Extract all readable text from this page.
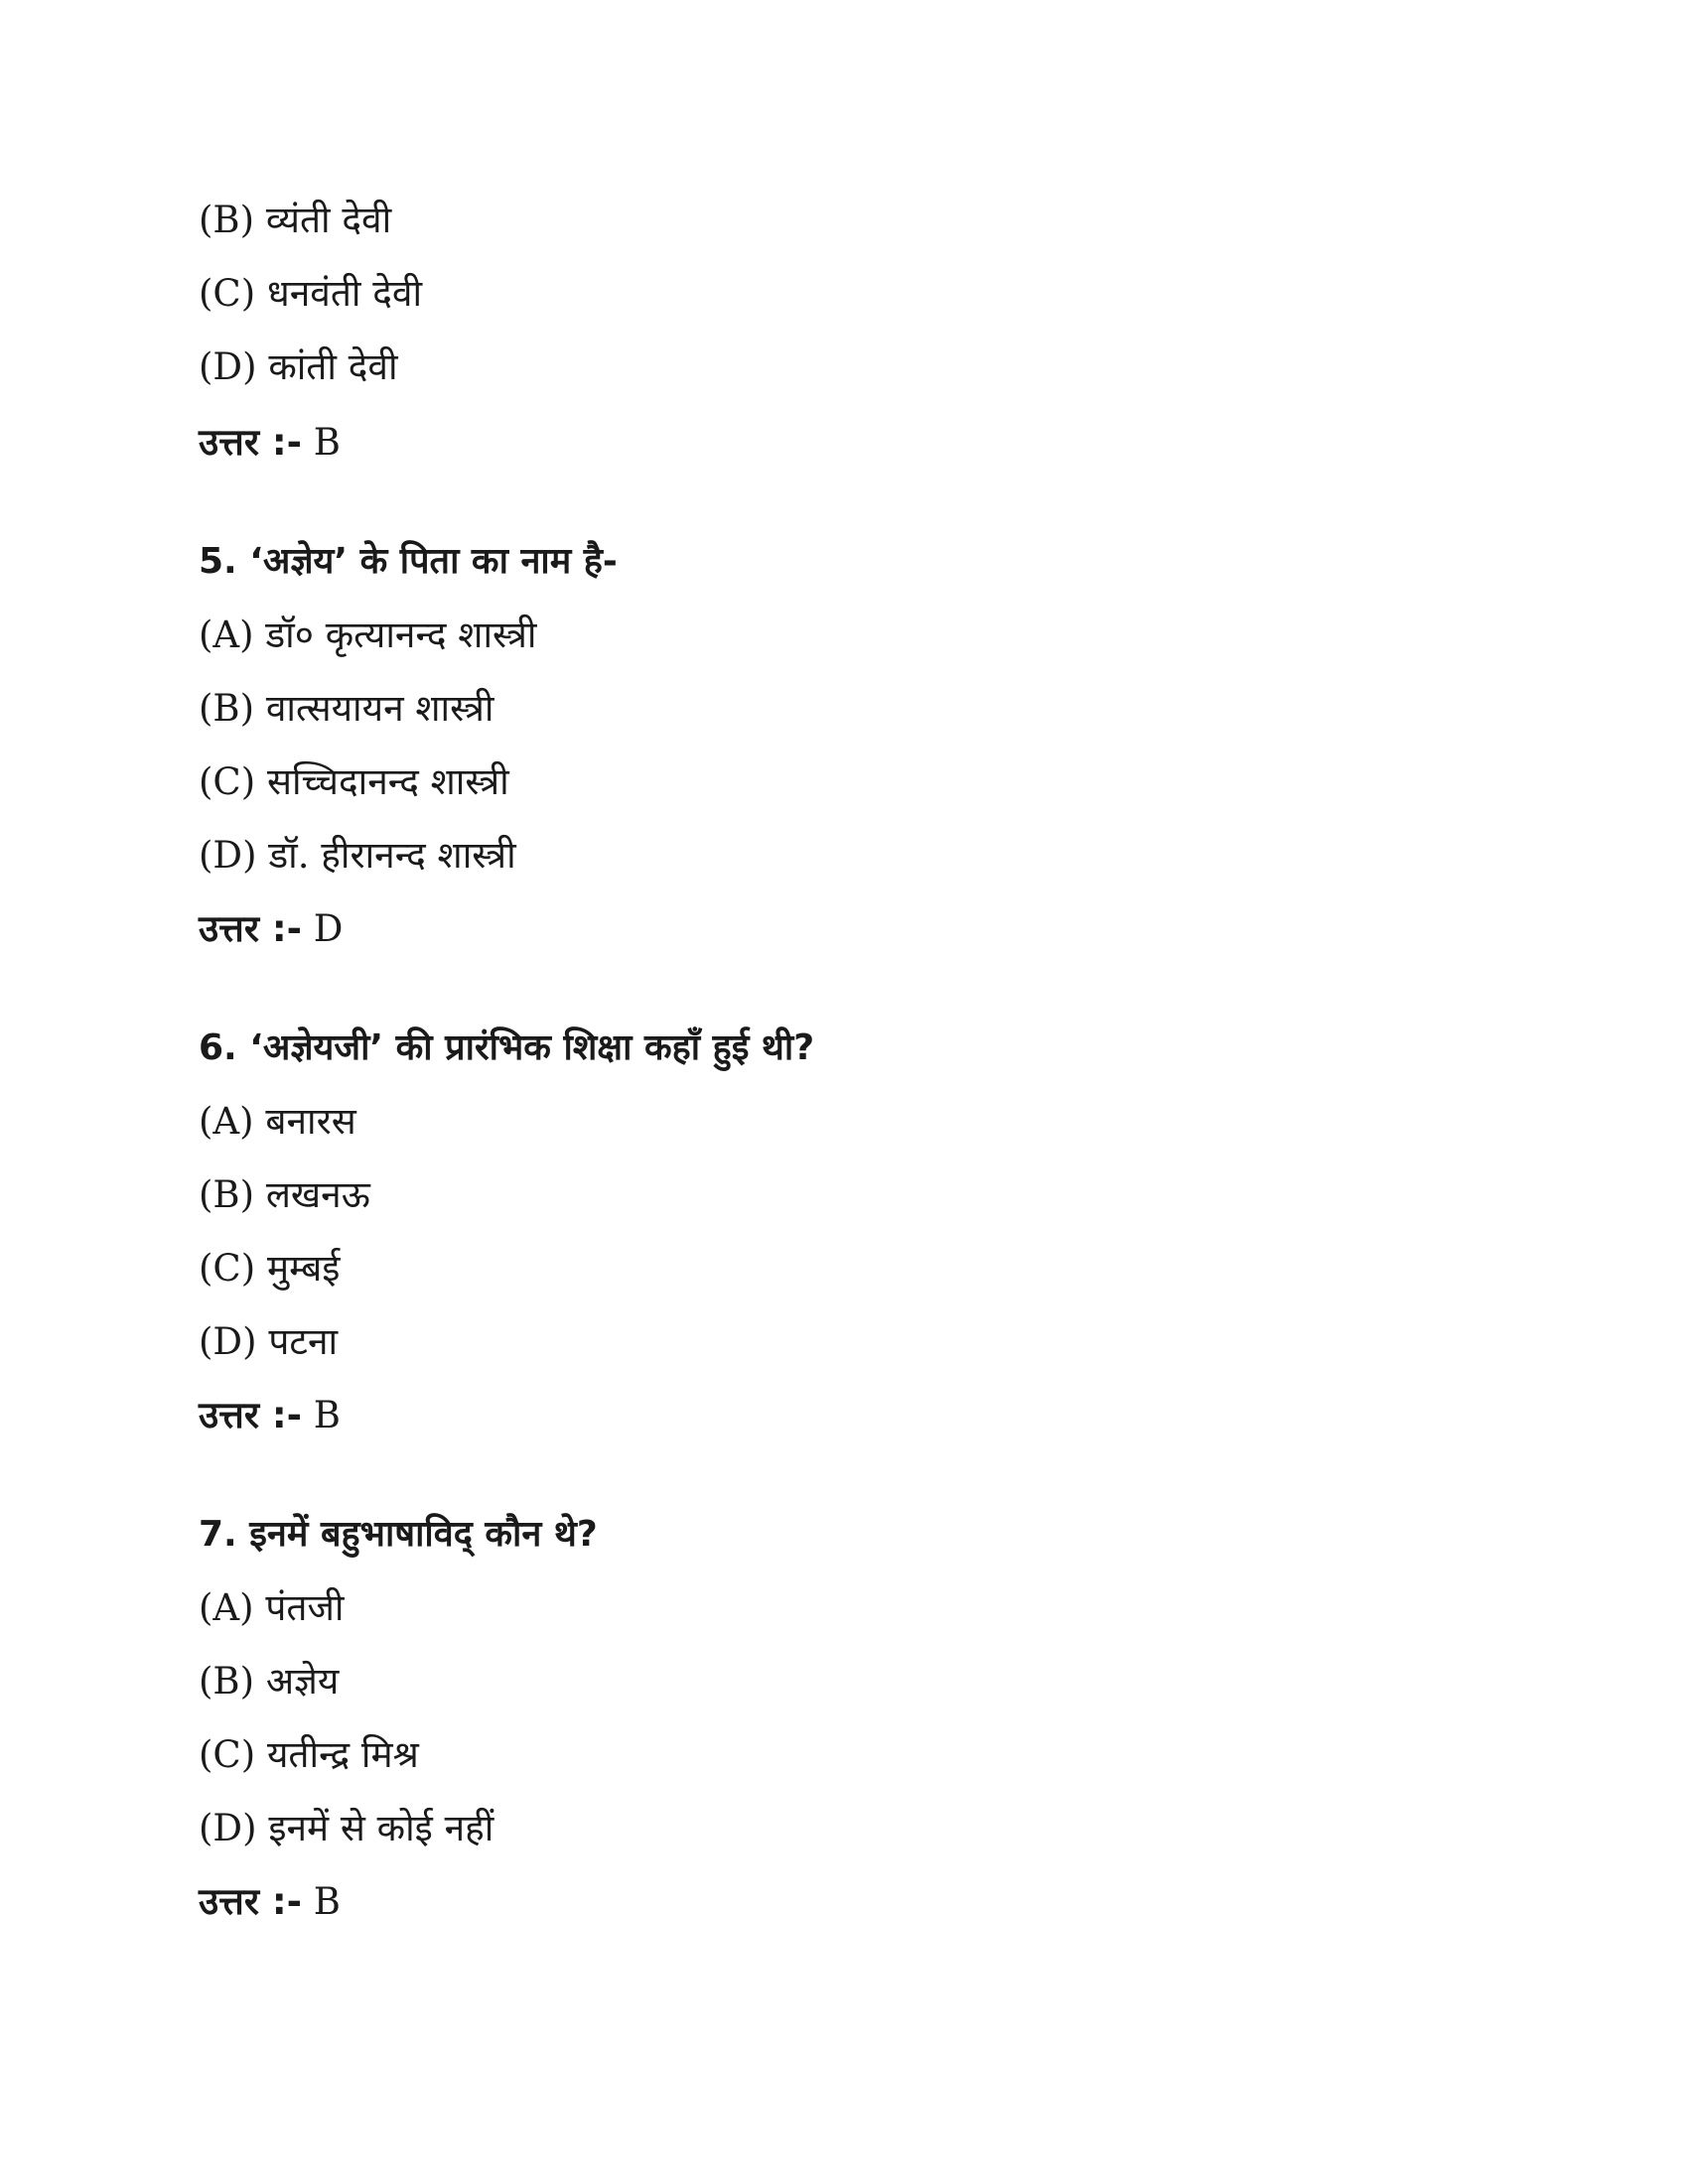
(B) व्यंती देवी
(C) धनवंती देवी
(D) कांती देवी
उत्तर :- B
5. ‘अज्ञेय’ के पिता का नाम है-
(A) डॉ० कृत्यानन्द शास्त्री
(B) वात्सयायन शास्त्री
(C) सच्चिदानन्द शास्त्री
(D) डॉ. हीरानन्द शास्त्री
उत्तर :- D
6. ‘अज्ञेयजी’ की प्रारंभिक शिक्षा कहाँ हुई थी?
(A) बनारस
(B) लखनऊ
(C) मुम्बई
(D) पटना
उत्तर :- B
7. इनमें बहुभाषाविद् कौन थे?
(A) पंतजी
(B) अज्ञेय
(C) यतीन्द्र मिश्र
(D) इनमें से कोई नहीं
उत्तर :- B
